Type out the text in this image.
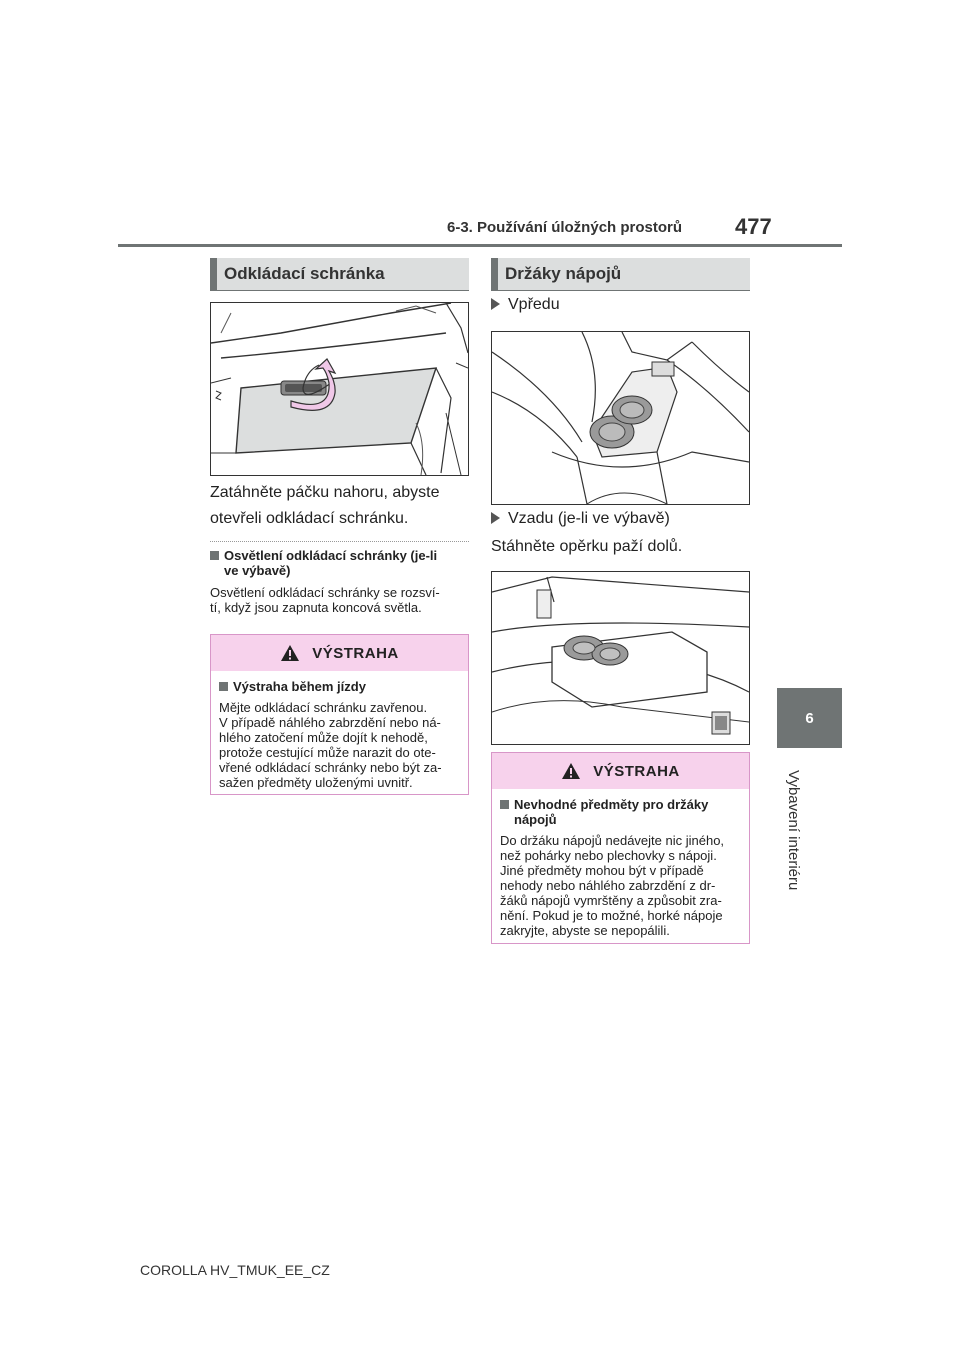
6-3. Používání úložných prostorů 477
6
Vybavení interiéru
Odkládací schránka
Zatáhněte páčku nahoru, abyste
otevřeli odkládací schránku.
Osvětlení odkládací schránky (je-li
ve výbavě)
Osvětlení odkládací schránky se rozsví-
tí, když jsou zapnuta koncová světla.
VÝSTRAHA
Výstraha během jízdy
Mějte odkládací schránku zavřenou.
V případě náhlého zabrzdění nebo ná-
hlého zatočení může dojít k nehodě,
protože cestující může narazit do ote-
vřené odkládací schránky nebo být za-
sažen předměty uloženými uvnitř.
Držáky nápojů
Vpředu
Vzadu (je-li ve výbavě)
Stáhněte opěrku paží dolů.
VÝSTRAHA
Nevhodné předměty pro držáky
nápojů
Do držáku nápojů nedávejte nic jiného,
než pohárky nebo plechovky s nápoji.
Jiné předměty mohou být v případě
nehody nebo náhlého zabrzdění z dr-
žáků nápojů vymrštěny a způsobit zra-
nění. Pokud je to možné, horké nápoje
zakryjte, abyste se nepopálili.
COROLLA HV_TMUK_EE_CZ
